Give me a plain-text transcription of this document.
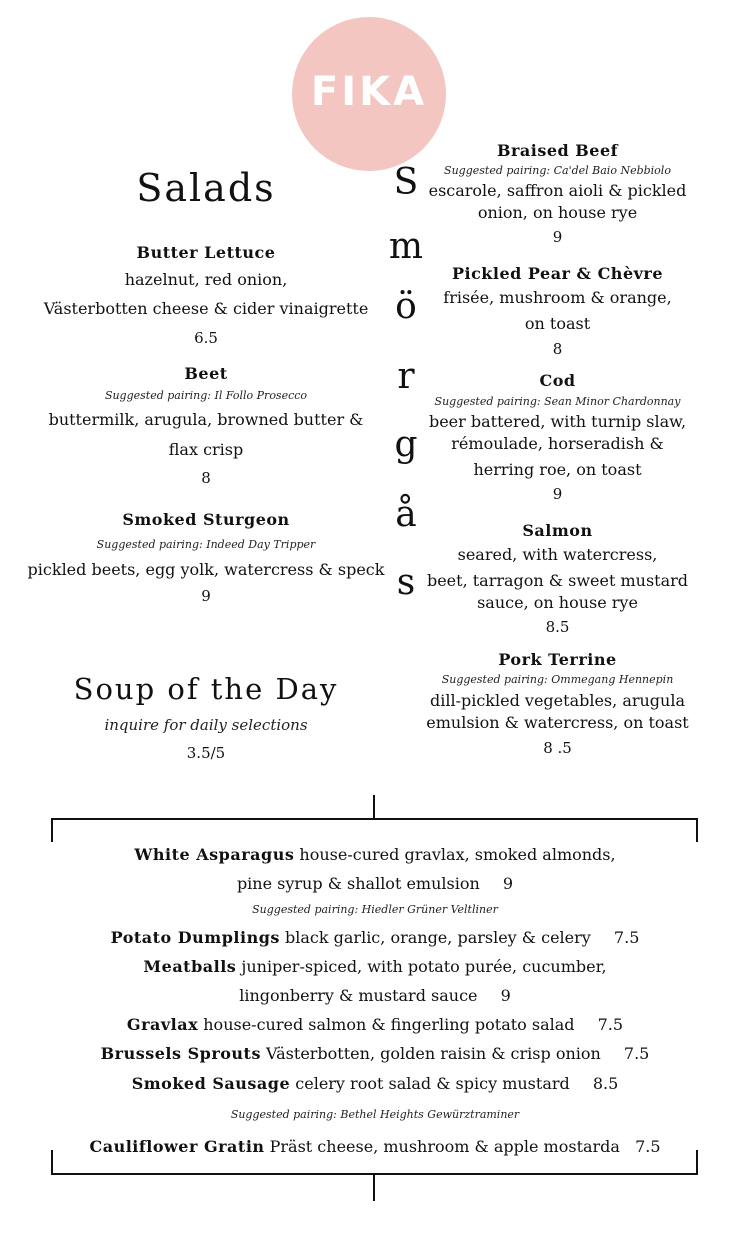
FIKA
Salads
Butter Lettuce
hazelnut, red onion,
Västerbotten cheese & cider vinaigrette
6.5
Beet
Suggested pairing: Il Follo Prosecco
buttermilk, arugula, browned butter &
flax crisp
8
Smoked Sturgeon
Suggested pairing: Indeed Day Tripper
pickled beets, egg yolk, watercress & speck
9
Soup of the Day
inquire for daily selections
3.5/5
S
m
ö
r
g
å
s
Braised Beef
Suggested pairing: Ca'del Baio Nebbiolo
escarole, saffron aioli & pickled
onion, on house rye
9
Pickled Pear & Chèvre
frisée, mushroom & orange,
on toast
8
Cod
Suggested pairing: Sean Minor Chardonnay
beer battered, with turnip slaw,
rémoulade, horseradish &
herring roe, on toast
9
Salmon
seared, with watercress,
beet, tarragon & sweet mustard
sauce, on house rye
8.5
Pork Terrine
Suggested pairing: Ommegang Hennepin
dill-pickled vegetables, arugula
emulsion & watercress, on toast
8 .5
White Asparagus house-cured gravlax, smoked almonds,
pine syrup & shallot emulsion 9
Suggested pairing: Hiedler Grüner Veltliner
Potato Dumplings black garlic, orange, parsley & celery 7.5
Meatballs juniper-spiced, with potato purée, cucumber,
lingonberry & mustard sauce 9
Gravlax house-cured salmon & fingerling potato salad 7.5
Brussels Sprouts Västerbotten, golden raisin & crisp onion 7.5
Smoked Sausage celery root salad & spicy mustard 8.5
Suggested pairing: Bethel Heights Gewürztraminer
Cauliflower Gratin Präst cheese, mushroom & apple mostarda 7.5
